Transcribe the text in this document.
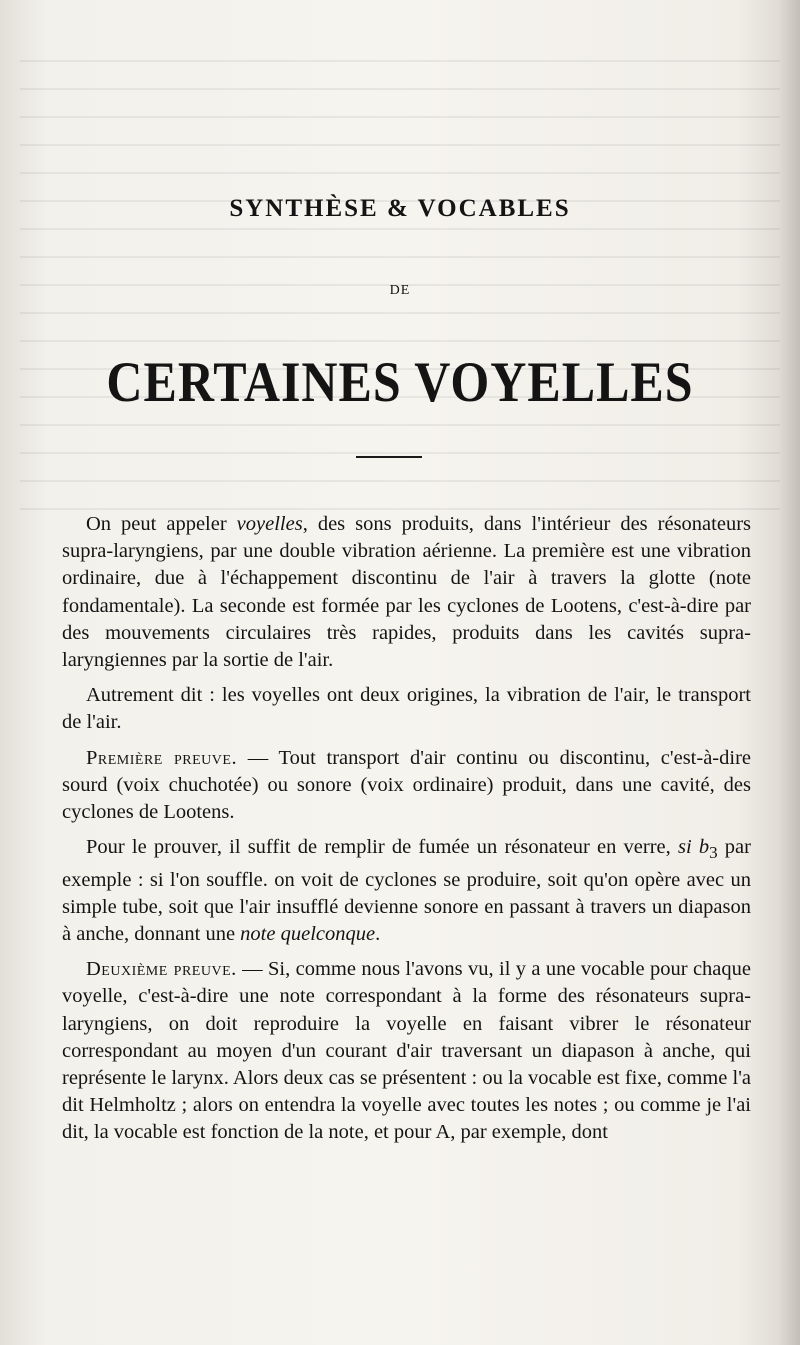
SYNTHÈSE & VOCABLES
DE
CERTAINES VOYELLES

On peut appeler voyelles, des sons produits, dans l'intérieur des résonateurs supra-laryngiens, par une double vibration aérienne. La première est une vibration ordinaire, due à l'échappement discontinu de l'air à travers la glotte (note fondamentale). La seconde est formée par les cyclones de Lootens, c'est-à-dire par des mouvements circulaires très rapides, produits dans les cavités supra-laryngiennes par la sortie de l'air.

Autrement dit : les voyelles ont deux origines, la vibration de l'air, le transport de l'air.

Première preuve. — Tout transport d'air continu ou discontinu, c'est-à-dire sourd (voix chuchotée) ou sonore (voix ordinaire) produit, dans une cavité, des cyclones de Lootens.

Pour le prouver, il suffit de remplir de fumée un résonateur en verre, si $b_3$ par exemple : si l'on souffle. on voit de cyclones se produire, soit qu'on opère avec un simple tube, soit que l'air insufflé devienne sonore en passant à travers un diapason à anche, donnant une note quelconque.

Deuxième preuve. — Si, comme nous l'avons vu, il y a une vocable pour chaque voyelle, c'est-à-dire une note correspondant à la forme des résonateurs supra-laryngiens, on doit reproduire la voyelle en faisant vibrer le résonateur correspondant au moyen d'un courant d'air traversant un diapason à anche, qui représente le larynx. Alors deux cas se présentent : ou la vocable est fixe, comme l'a dit Helmholtz ; alors on entendra la voyelle avec toutes les notes ; ou comme je l'ai dit, la vocable est fonction de la note, et pour A, par exemple, dont
